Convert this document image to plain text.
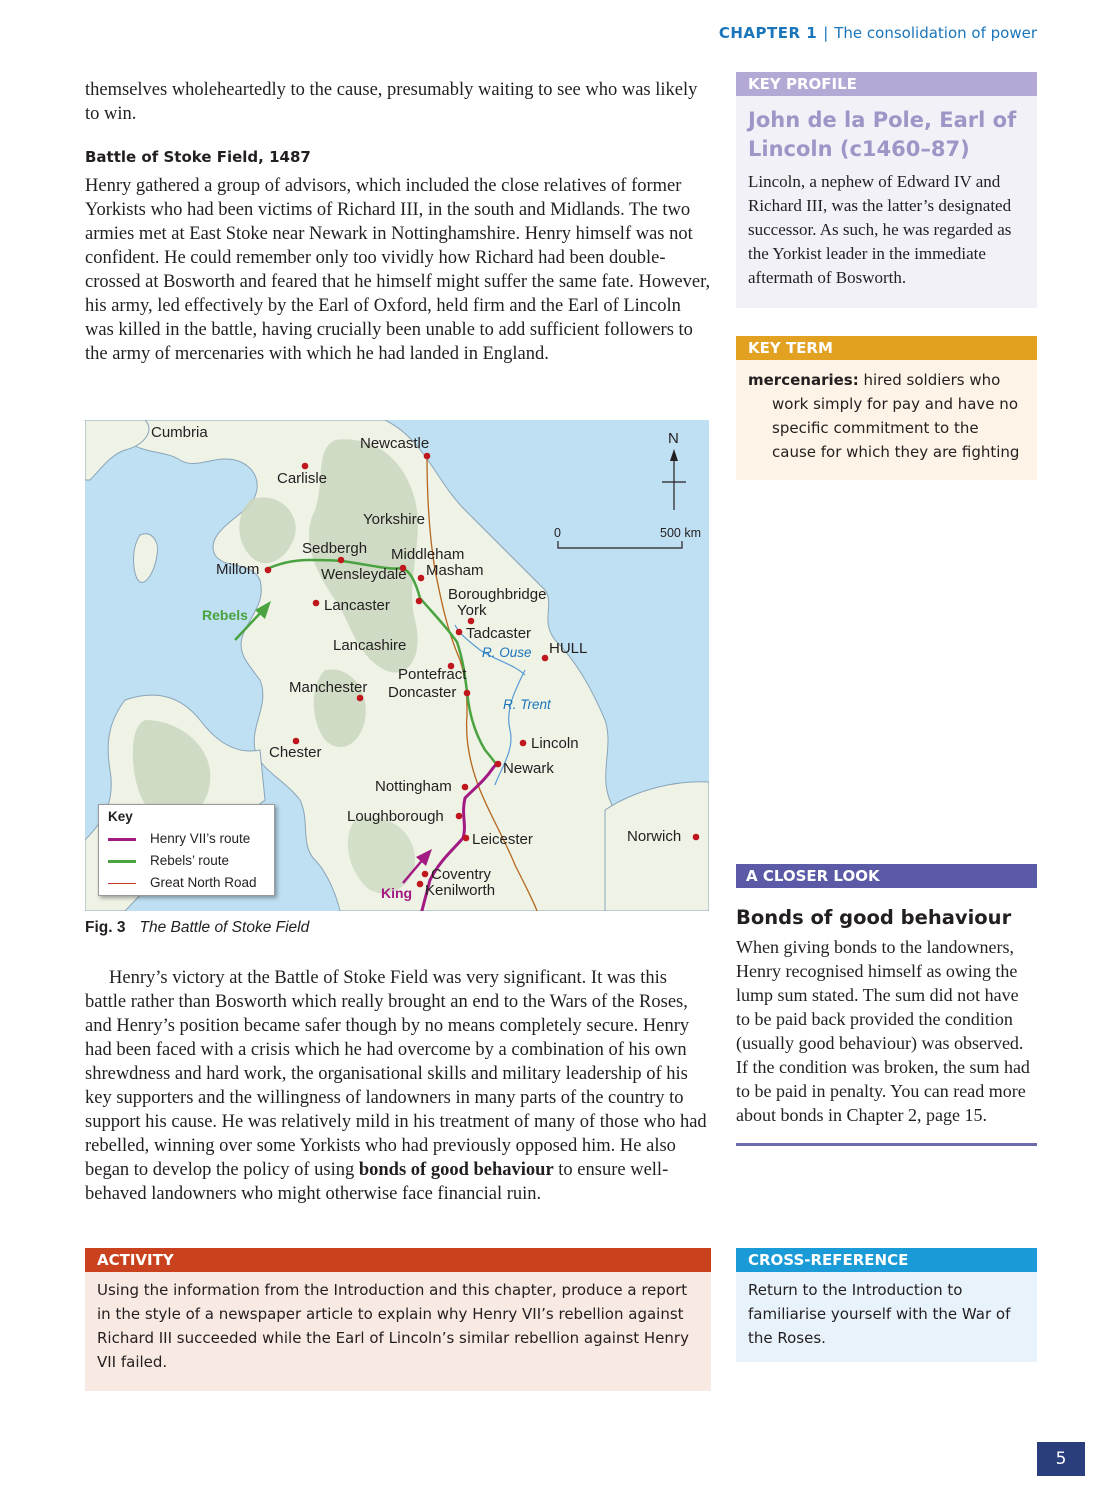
CHAPTER 1 | The consolidation of power

themselves wholeheartedly to the cause, presumably waiting to see who was likely to win.

Battle of Stoke Field, 1487

Henry gathered a group of advisors, which included the close relatives of former Yorkists who had been victims of Richard III, in the south and Midlands. The two armies met at East Stoke near Newark in Nottinghamshire. Henry himself was not confident. He could remember only too vividly how Richard had been double-crossed at Bosworth and feared that he himself might suffer the same fate. However, his army, led effectively by the Earl of Oxford, held firm and the Earl of Lincoln was killed in the battle, having crucially been unable to add sufficient followers to the army of mercenaries with which he had landed in England.

Cumbria
Newcastle	N
Carlisle
Yorkshire
0	500 km
Sedbergh Middleham
Millom	Wensleydale Masham
Boroughbridge
Rebels
Lancaster	York
Tadcaster
Lancashire	R. Ouse HULL
Pontefract
Manchester Doncaster
R. Trent
Lincoln
Chester
Newark
Nottingham
Loughborough
Leicester	Norwich
Coventry
Kenilworth
King
Key
Henry VII’s route
Rebels’ route
Great North Road
Fig. 3 The Battle of Stoke Field

Henry’s victory at the Battle of Stoke Field was very significant. It was this battle rather than Bosworth which really brought an end to the Wars of the Roses, and Henry’s position became safer though by no means completely secure. Henry had been faced with a crisis which he had overcome by a combination of his own shrewdness and hard work, the organisational skills and military leadership of his key supporters and the willingness of landowners in many parts of the country to support his cause. He was relatively mild in his treatment of many of those who had rebelled, winning over some Yorkists who had previously opposed him. He also began to develop the policy of using bonds of good behaviour to ensure well-behaved landowners who might otherwise face financial ruin.

KEY PROFILE
John de la Pole, Earl of Lincoln (c1460–87)
Lincoln, a nephew of Edward IV and Richard III, was the latter’s designated successor. As such, he was regarded as the Yorkist leader in the immediate aftermath of Bosworth.
KEY TERM
mercenaries: hired soldiers who
work simply for pay and have no specific commitment to the cause for which they are fighting
A CLOSER LOOK
Bonds of good behaviour
When giving bonds to the landowners, Henry recognised himself as owing the lump sum stated. The sum did not have to be paid back provided the condition (usually good behaviour) was observed. If the condition was broken, the sum had to be paid in penalty. You can read more about bonds in Chapter 2, page 15.
ACTIVITY
Using the information from the Introduction and this chapter, produce a report in the style of a newspaper article to explain why Henry VII’s rebellion against Richard III succeeded while the Earl of Lincoln’s similar rebellion against Henry VII failed.
CROSS-REFERENCE
Return to the Introduction to familiarise yourself with the War of the Roses.
5
